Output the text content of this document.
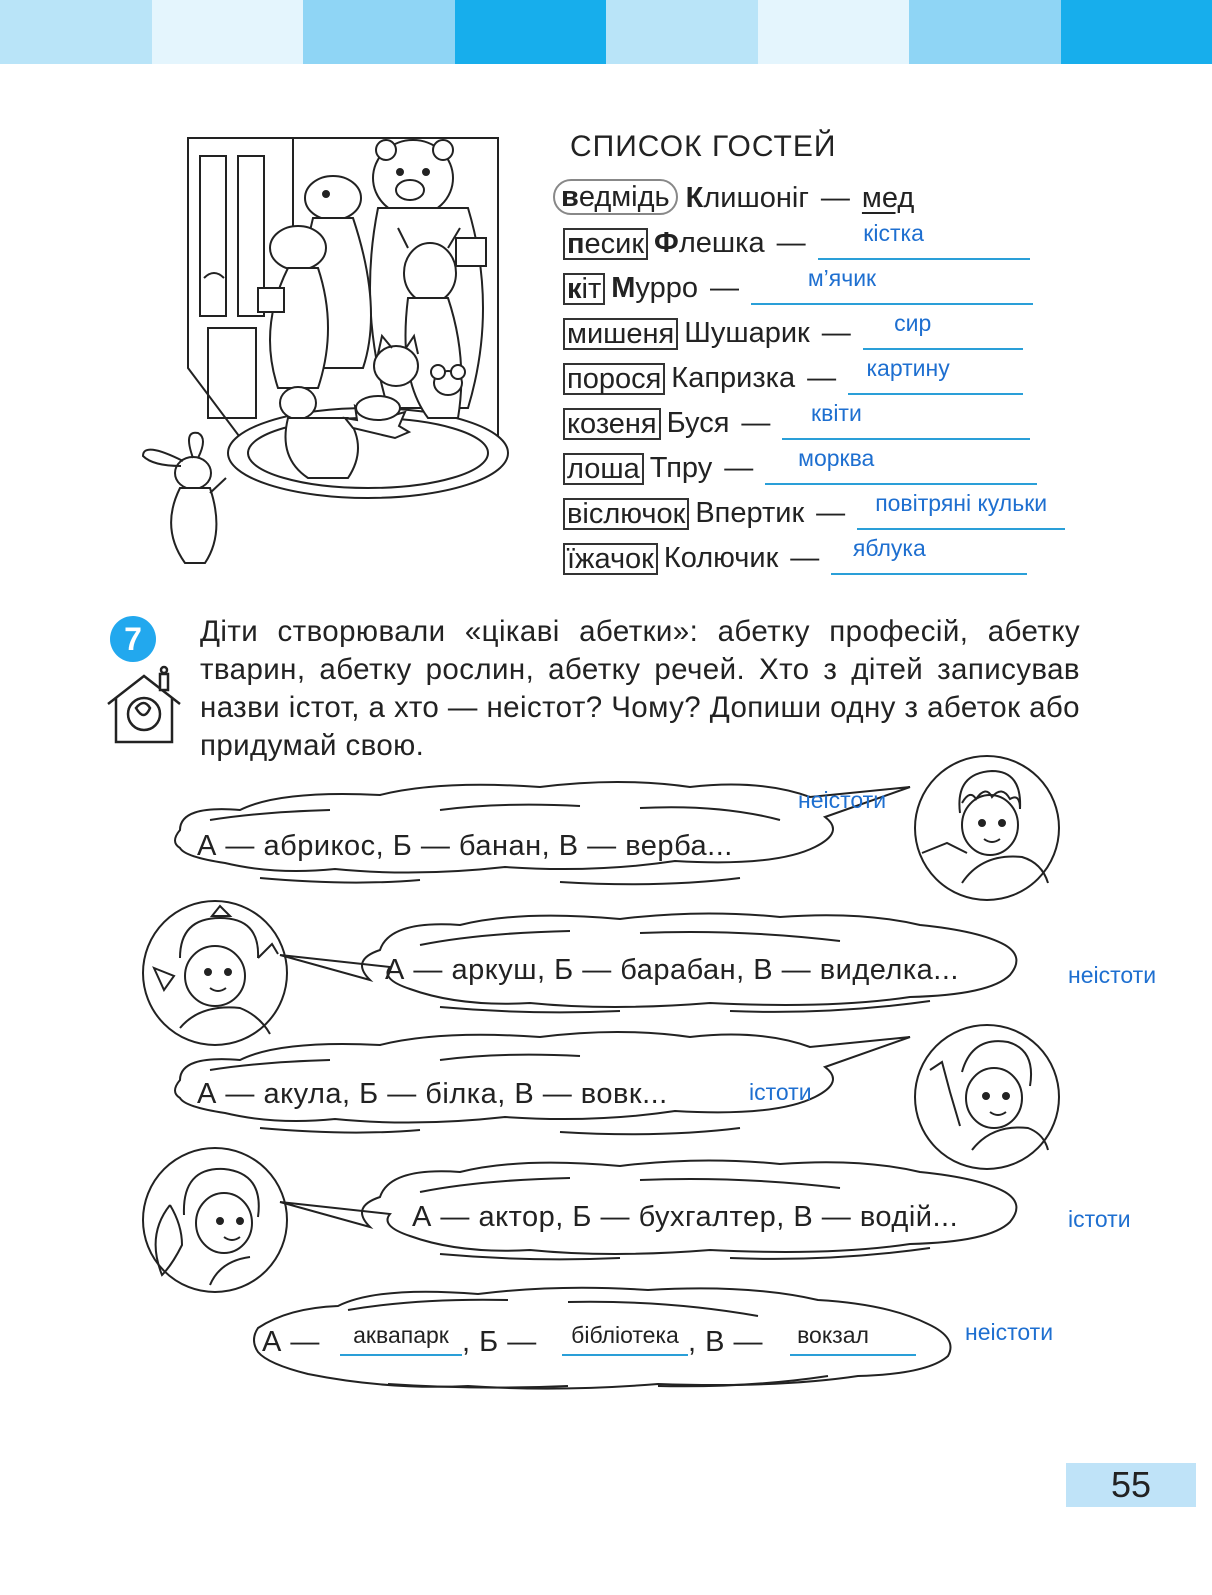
СПИСОК ГОСТЕЙ
ведмідь К лишоніг — мед
песик Ф лешка —	кістка
кіт М урро —	м’ячик
мишеня Шушарик —	сир
порося Капризка —	картину
козеня Буся —	квіти
лоша Тпру —	морква
віслючок Впертик —	повітряні кульки
їжачок Колючик —	яблука
7	Діти створювали «цікаві абетки»: абетку професій, абетку тварин, абетку рослин, абетку речей. Хто з дітей записував назви істот, а хто — неістот? Чому? Допиши одну з абеток або придумай свою.
А — абрикос, Б — банан, В — верба...
неістоти
А — аркуш, Б — барабан, В — виделка...	неістоти
А — акула, Б — білка, В — вовк...	істоти
А — актор, Б — бухгалтер, В — водій...	істоти
А —	аквапарк , Б —	бібліотека , В —	вокзал	неістоти
55
